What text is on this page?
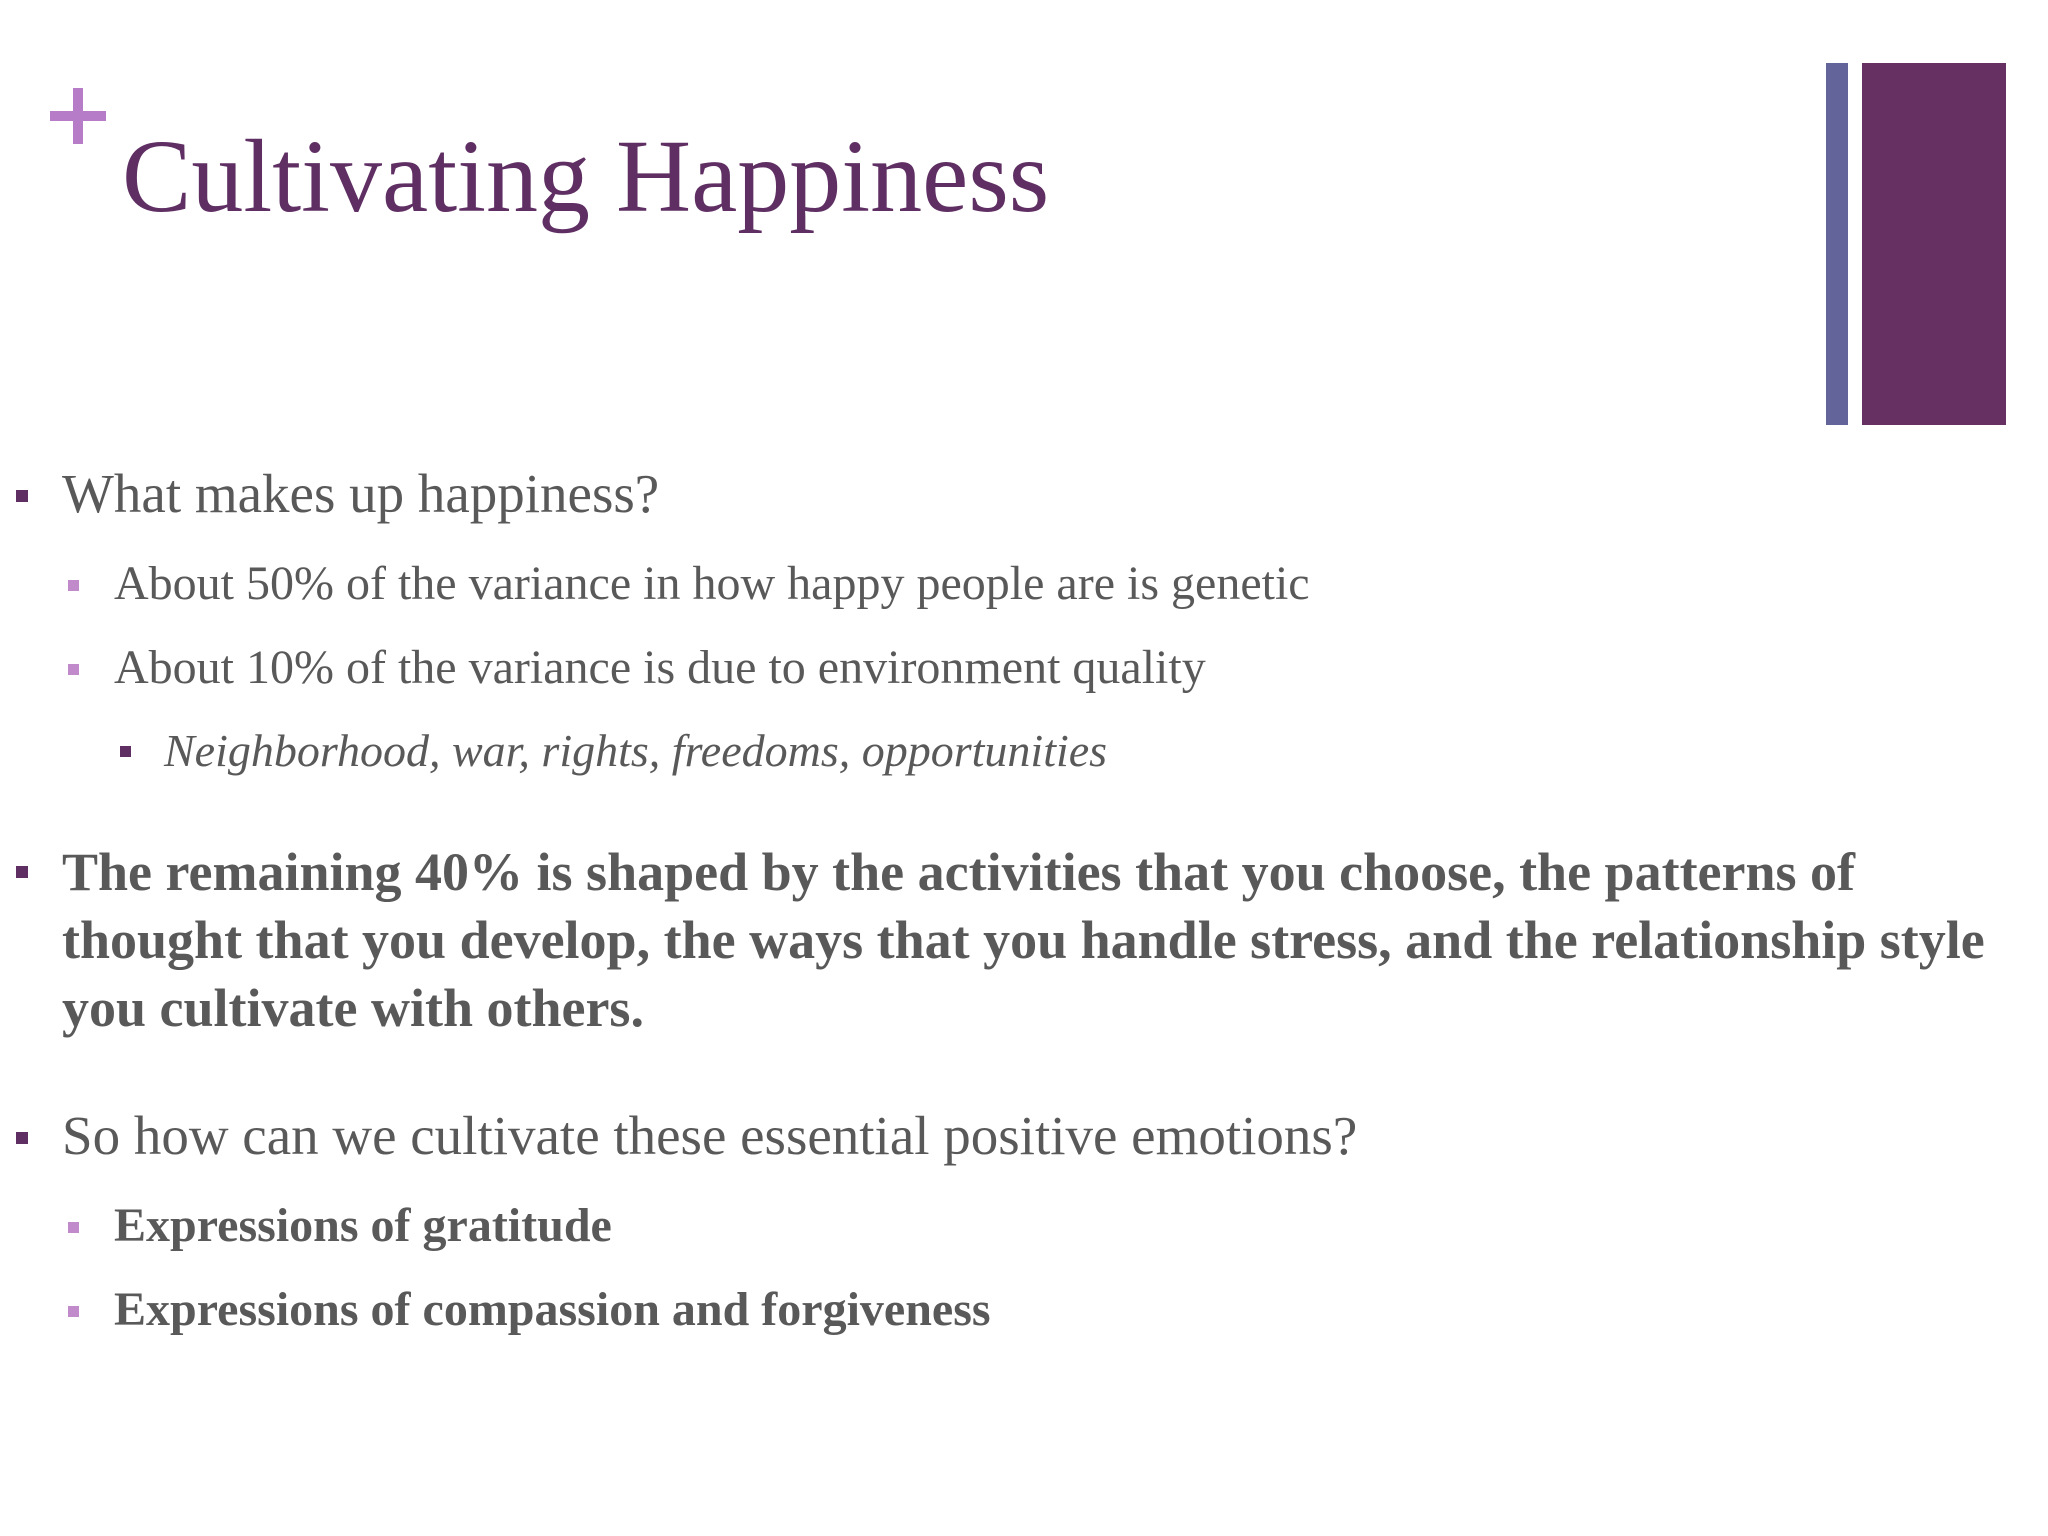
Cultivating Happiness
What makes up happiness?
About 50% of the variance in how happy people are is genetic
About 10% of the variance is due to environment quality
Neighborhood, war, rights, freedoms, opportunities
The remaining 40% is shaped by the activities that you choose, the patterns of thought that you develop, the ways that you handle stress, and the relationship style you cultivate with others.
So how can we cultivate these essential positive emotions?
Expressions of gratitude
Expressions of compassion and forgiveness
